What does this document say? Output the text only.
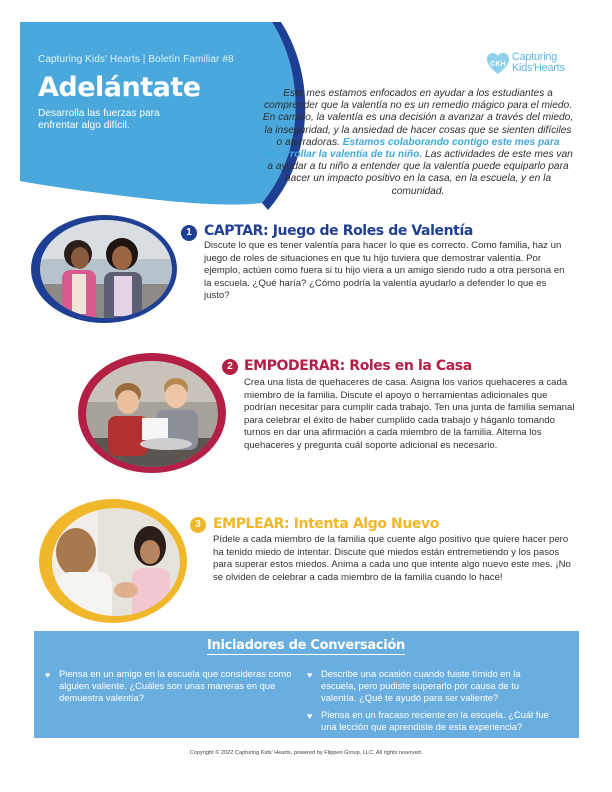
Capturing Kids' Hearts | Boletín Familiar #8
Adelántate
Desarrolla las fuerzas para enfrentar algo difícil.
CKH
Capturing
Kids'Hearts
Este mes estamos enfocados en ayudar a los estudiantes a comprender que la valentía no es un remedio mágico para el miedo. En cambio, la valentía es una decisión a avanzar a través del miedo, la inseguridad, y la ansiedad de hacer cosas que se sienten difíciles o aterradoras. Estamos colaborando contigo este mes para desarrollar la valentía de tu niño. Las actividades de este mes van a ayudar a tu niño a entender que la valentía puede equiparlo para hacer un impacto positivo en la casa, en la escuela, y en la comunidad.
1 CAPTAR: Juego de Roles de Valentía
Discute lo que es tener valentía para hacer lo que es correcto. Como familia, haz un juego de roles de situaciones en que tu hijo tuviera que demostrar valentía. Por ejemplo, actúen como fuera si tu hijo viera a un amigo siendo rudo a otra persona en la escuela. ¿Qué haría? ¿Cómo podría la valentía ayudarlo a defender lo que es justo?
2 EMPODERAR: Roles en la Casa
Crea una lista de quehaceres de casa. Asigna los varios quehaceres a cada miembro de la familia. Discute el apoyo o herramientas adicionales que podrían necesitar para cumplir cada trabajo. Ten una junta de familia semanal para celebrar el éxito de haber cumplido cada trabajo y háganlo tomando turnos en dar una afirmación a cada miembro de la familia. Alterna los quehaceres y pregunta cuál soporte adicional es necesario.
3 EMPLEAR: Intenta Algo Nuevo
Pídele a cada miembro de la familia que cuente algo positivo que quiere hacer pero ha tenido miedo de intentar. Discute qué miedos están entremetiendo y los pasos para superar estos miedos. Anima a cada uno que intente algo nuevo este mes. ¡No se olviden de celebrar a cada miembro de la familia cuando lo hace!
Iniciadores de Conversación
♥ Piensa en un amigo en la escuela que consideras como alguien valiente. ¿Cuáles son unas maneras en que demuestra valentía?
♥ Describe una ocasión cuando fuiste tímido en la escuela, pero pudiste superarlo por causa de tu valentía. ¿Qué te ayudó para ser valiente?
♥ Piensa en un fracaso reciente en la escuela. ¿Cuál fue una lección que aprendiste de esta experiencia?
Copyright © 2022 Capturing Kids' Hearts, powered by Flippen Group, LLC. All rights reserved.
